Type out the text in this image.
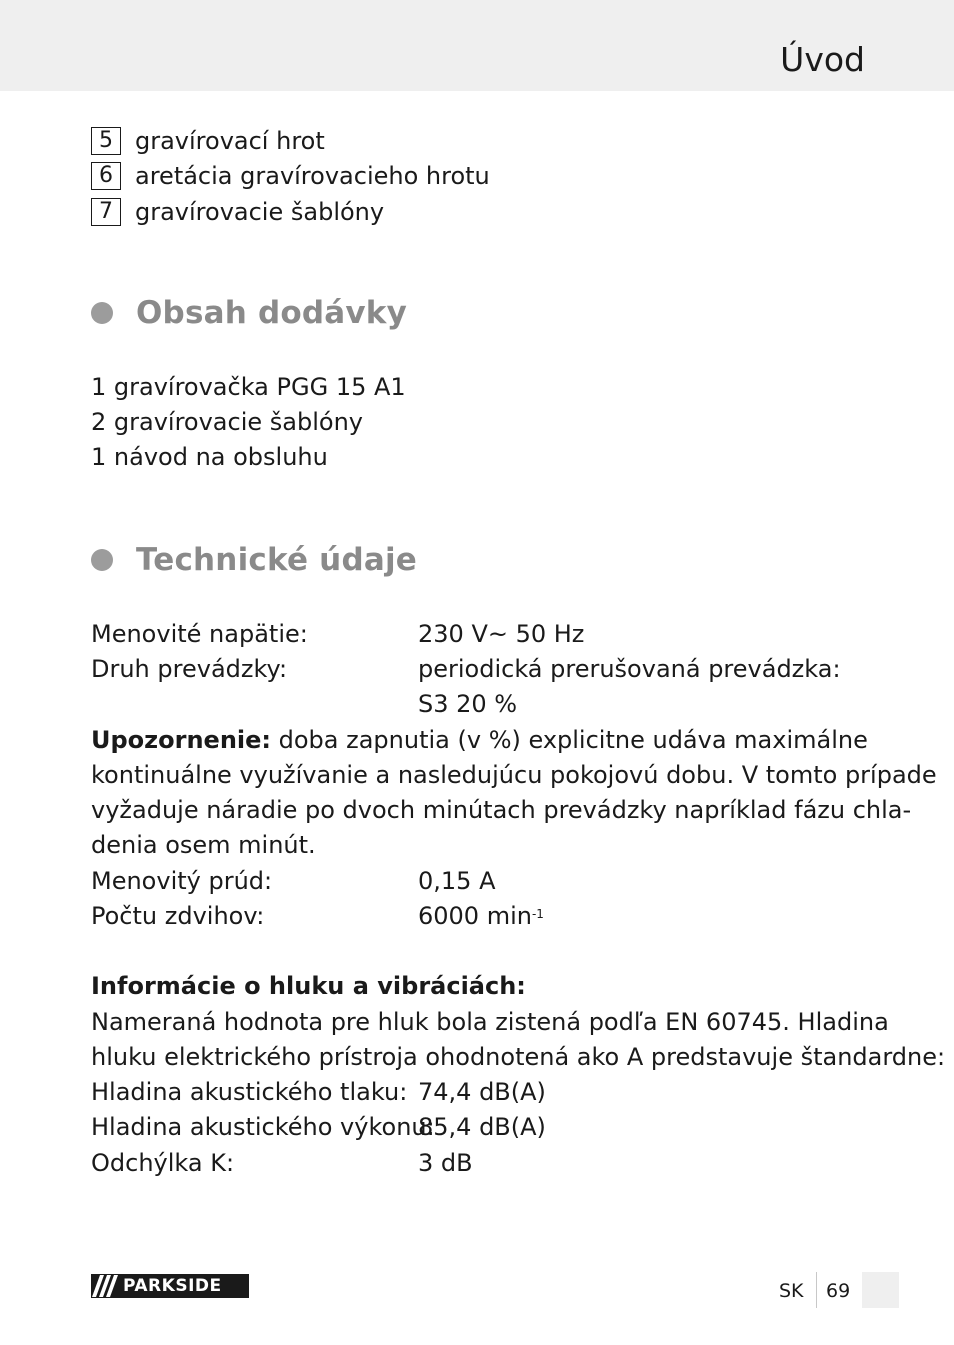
Úvod
5 gravírovací hrot
6 aretácia gravírovacieho hrotu
7 gravírovacie šablóny
Obsah dodávky
1 gravírovačka PGG 15 A1
2 gravírovacie šablóny
1 návod na obsluhu
Technické údaje
Menovité napätie:	230 V~ 50 Hz
Druh prevádzky:	periodická prerušovaná prevádzka:
S3 20 %
Upozornenie: doba zapnutia (v %) explicitne udáva maximálne
kontinuálne využívanie a nasledujúcu pokojovú dobu. V tomto prípade
vyžaduje náradie po dvoch minútach prevádzky napríklad fázu chla-
denia osem minút.
Menovitý prúd:	0,15 A
Počtu zdvihov:	6000 $\min^{-1}$
Informácie o hluku a vibráciách:
Nameraná hodnota pre hluk bola zistená podľa EN 60745. Hladina
hluku elektrického prístroja ohodnotená ako A predstavuje štandardne:
Hladina akustického tlaku: 74,4 dB(A)
Hladina akustického výkonu:
85,4 dB(A)
Odchýlka K:	3 dB
PARKSIDE	SK 69
